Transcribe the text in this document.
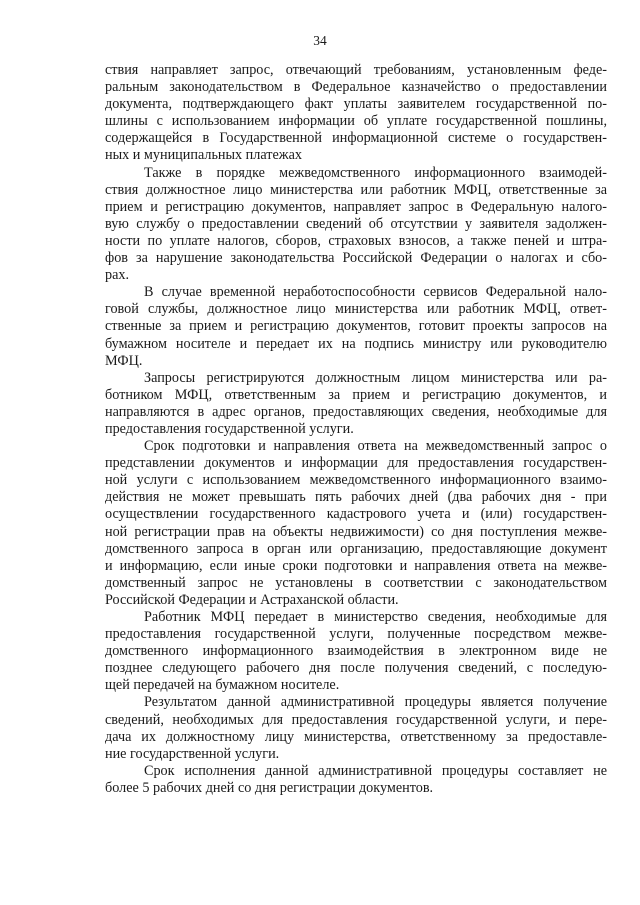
34
ствия направляет запрос, отвечающий требованиям, установленным феде-
ральным законодательством в Федеральное казначейство о предоставлении
документа, подтверждающего факт уплаты заявителем государственной по-
шлины с использованием информации об уплате государственной пошлины,
содержащейся в Государственной информационной системе о государствен-
ных и муниципальных платежах
Также в порядке межведомственного информационного взаимодей-
ствия должностное лицо министерства или работник МФЦ, ответственные за
прием и регистрацию документов, направляет запрос в Федеральную налого-
вую службу о предоставлении сведений об отсутствии у заявителя задолжен-
ности по уплате налогов, сборов, страховых взносов, а также пеней и штра-
фов за нарушение законодательства Российской Федерации о налогах и сбо-
рах.
В случае временной неработоспособности сервисов Федеральной нало-
говой службы, должностное лицо министерства или работник МФЦ, ответ-
ственные за прием и регистрацию документов, готовит проекты запросов на
бумажном носителе и передает их на подпись министру или руководителю
МФЦ.
Запросы регистрируются должностным лицом министерства или ра-
ботником МФЦ, ответственным за прием и регистрацию документов, и
направляются в адрес органов, предоставляющих сведения, необходимые для
предоставления государственной услуги.
Срок подготовки и направления ответа на межведомственный запрос о
представлении документов и информации для предоставления государствен-
ной услуги с использованием межведомственного информационного взаимо-
действия не может превышать пять рабочих дней (два рабочих дня - при
осуществлении государственного кадастрового учета и (или) государствен-
ной регистрации прав на объекты недвижимости) со дня поступления межве-
домственного запроса в орган или организацию, предоставляющие документ
и информацию, если иные сроки подготовки и направления ответа на межве-
домственный запрос не установлены в соответствии с законодательством
Российской Федерации и Астраханской области.
Работник МФЦ передает в министерство сведения, необходимые для
предоставления государственной услуги, полученные посредством межве-
домственного информационного взаимодействия в электронном виде не
позднее следующего рабочего дня после получения сведений, с последую-
щей передачей на бумажном носителе.
Результатом данной административной процедуры является получение
сведений, необходимых для предоставления государственной услуги, и пере-
дача их должностному лицу министерства, ответственному за предоставле-
ние государственной услуги.
Срок исполнения данной административной процедуры составляет не
более 5 рабочих дней со дня регистрации документов.
